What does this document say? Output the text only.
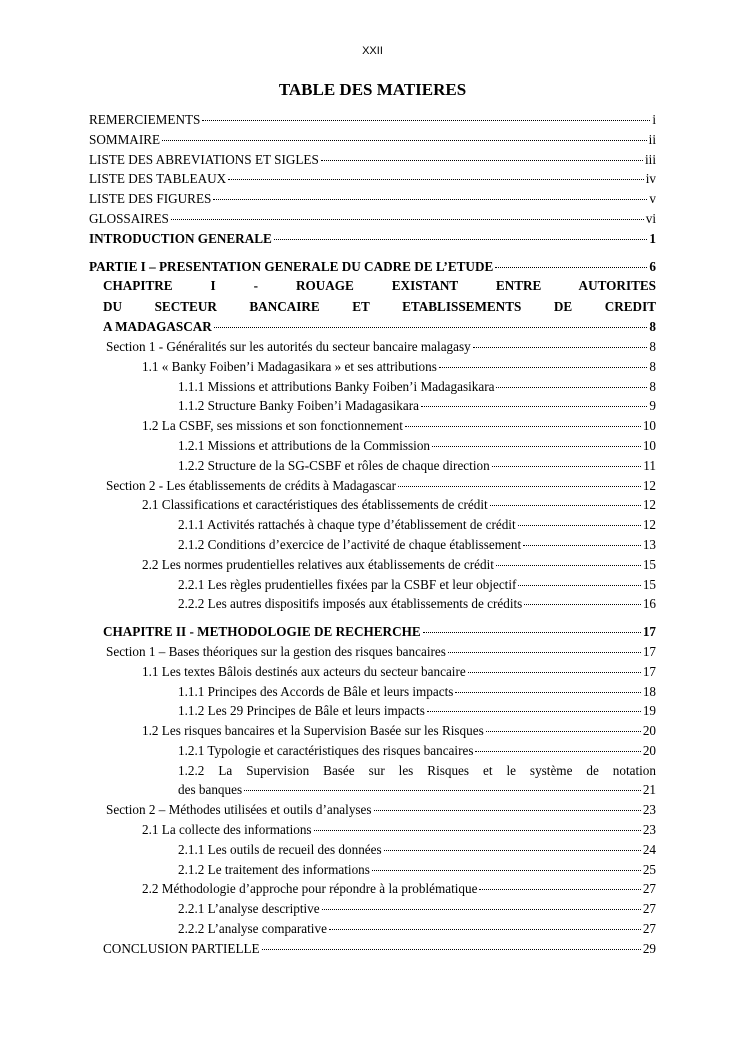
XXII
TABLE DES MATIERES
REMERCIEMENTS	i
SOMMAIRE	ii
LISTE DES ABREVIATIONS ET SIGLES	iii
LISTE DES TABLEAUX	iv
LISTE DES FIGURES	v
GLOSSAIRES	vi
INTRODUCTION GENERALE	1
PARTIE I – PRESENTATION GENERALE DU CADRE DE L’ETUDE	6
CHAPITRE I - ROUAGE EXISTANT ENTRE AUTORITES
DU SECTEUR BANCAIRE ET ETABLISSEMENTS DE CREDIT
A MADAGASCAR	8
Section 1 - Généralités sur les autorités du secteur bancaire malagasy	8
1.1 « Banky Foiben’i Madagasikara » et ses attributions	8
1.1.1 Missions et attributions Banky Foiben’i Madagasikara	8
1.1.2 Structure Banky Foiben’i Madagasikara	9
1.2 La CSBF, ses missions et son fonctionnement	10
1.2.1 Missions et attributions de la Commission	10
1.2.2 Structure de la SG-CSBF et rôles de chaque direction	11
Section 2 - Les établissements de crédits à Madagascar	12
2.1 Classifications et caractéristiques des établissements de crédit	12
2.1.1 Activités rattachés à chaque type d’établissement de crédit	12
2.1.2 Conditions d’exercice de l’activité de chaque établissement	13
2.2 Les normes prudentielles relatives aux établissements de crédit	15
2.2.1 Les règles prudentielles fixées par la CSBF et leur objectif	15
2.2.2 Les autres dispositifs imposés aux établissements de crédits	16
CHAPITRE II - METHODOLOGIE DE RECHERCHE	17
Section 1 – Bases théoriques sur la gestion des risques bancaires	17
1.1 Les textes Bâlois destinés aux acteurs du secteur bancaire	17
1.1.1 Principes des Accords de Bâle et leurs impacts	18
1.1.2 Les 29 Principes de Bâle et leurs impacts	19
1.2 Les risques bancaires et la Supervision Basée sur les Risques	20
1.2.1 Typologie et caractéristiques des risques bancaires	20
1.2.2 La Supervision Basée sur les Risques et le système de notation
des banques	21
Section 2 – Méthodes utilisées et outils d’analyses	23
2.1 La collecte des informations	23
2.1.1 Les outils de recueil des données	24
2.1.2 Le traitement des informations	25
2.2 Méthodologie d’approche pour répondre à la problématique	27
2.2.1 L’analyse descriptive	27
2.2.2 L’analyse comparative	27
CONCLUSION PARTIELLE	29
